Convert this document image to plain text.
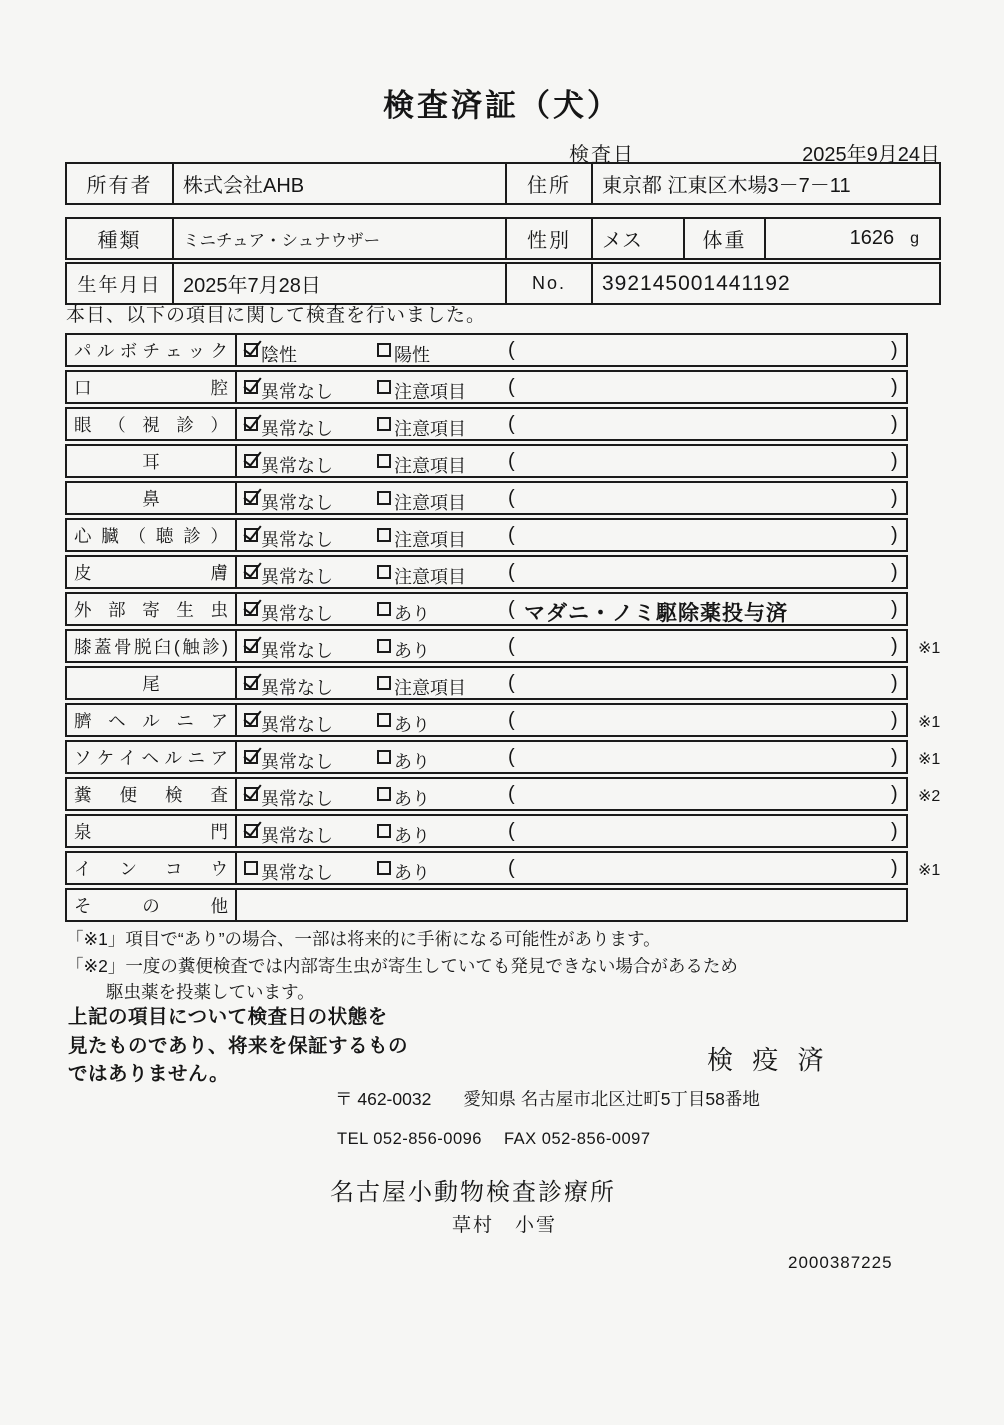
検査済証（犬）
検査日	2025年9月24日
所有者	株式会社AHB	住所	東京都 江東区木場3－7－11
種類	ミニチュア・シュナウザー	性別	メス	体重	1626 g
生年月日	2025年7月28日	No.	392145001441192
本日、以下の項目に関して検査を行いました。
パルボチェック	陰性	陽性	(	)
口腔	異常なし	注意項目 (	)
眼（視診）	異常なし	注意項目 (	)
耳	異常なし	注意項目 (	)
鼻	異常なし	注意項目 (	)
心臓（聴診）	異常なし	注意項目 (	)
皮膚	異常なし	注意項目 (	)
外部寄生虫	異常なし	あり	( マダニ・ノミ駆除薬投与済	)
膝蓋骨脱臼(触診)	異常なし	あり	(	) ※1
尾	異常なし	注意項目 (	)
臍ヘルニア	異常なし	あり	(	) ※1
ソケイヘルニア	異常なし	あり	(	) ※1
糞便検査	異常なし	あり	(	) ※2
泉門	異常なし	あり	(	)
インコウ	異常なし	あり	(	) ※1
その他
「※1」項目で“あり”の場合、一部は将来的に手術になる可能性があります。
「※2」一度の糞便検査では内部寄生虫が寄生していても発見できない場合があるため
駆虫薬を投薬しています。
上記の項目について検査日の状態を
見たものであり、将来を保証するもの
ではありません。	検 疫 済
〒 462-0032 愛知県 名古屋市北区辻町5丁目58番地
TEL 052-856-0096 FAX 052-856-0097
名古屋小動物検査診療所
草村　小雪
2000387225
